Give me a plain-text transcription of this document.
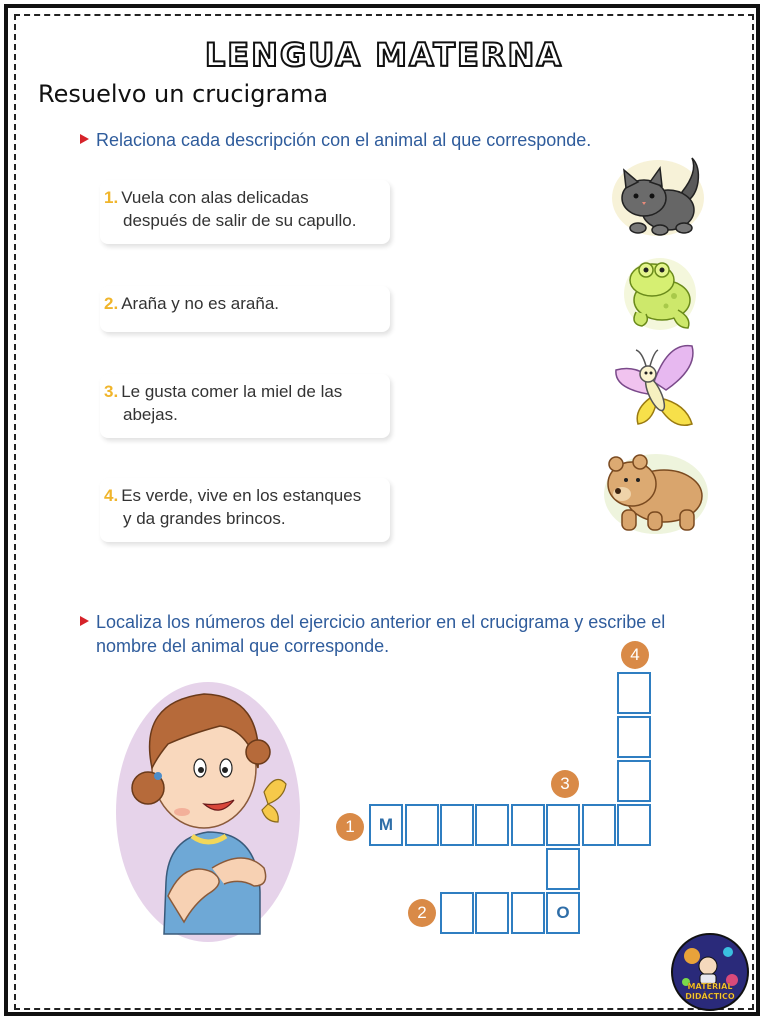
LENGUA MATERNA
Resuelvo un crucigrama
Relaciona cada descripción con el animal al que corresponde.
1. Vuela con alas delicadas
después de salir de su capullo.
2. Araña y no es araña.
3. Le gusta comer la miel de las
abejas.
4. Es verde, vive en los estanques
y da grandes brincos.
Localiza los números del ejercicio anterior en el crucigrama y escribe el
nombre del animal que corresponde.	4
3
1
2
M
O
MATERIAL
DIDÁCTICO
